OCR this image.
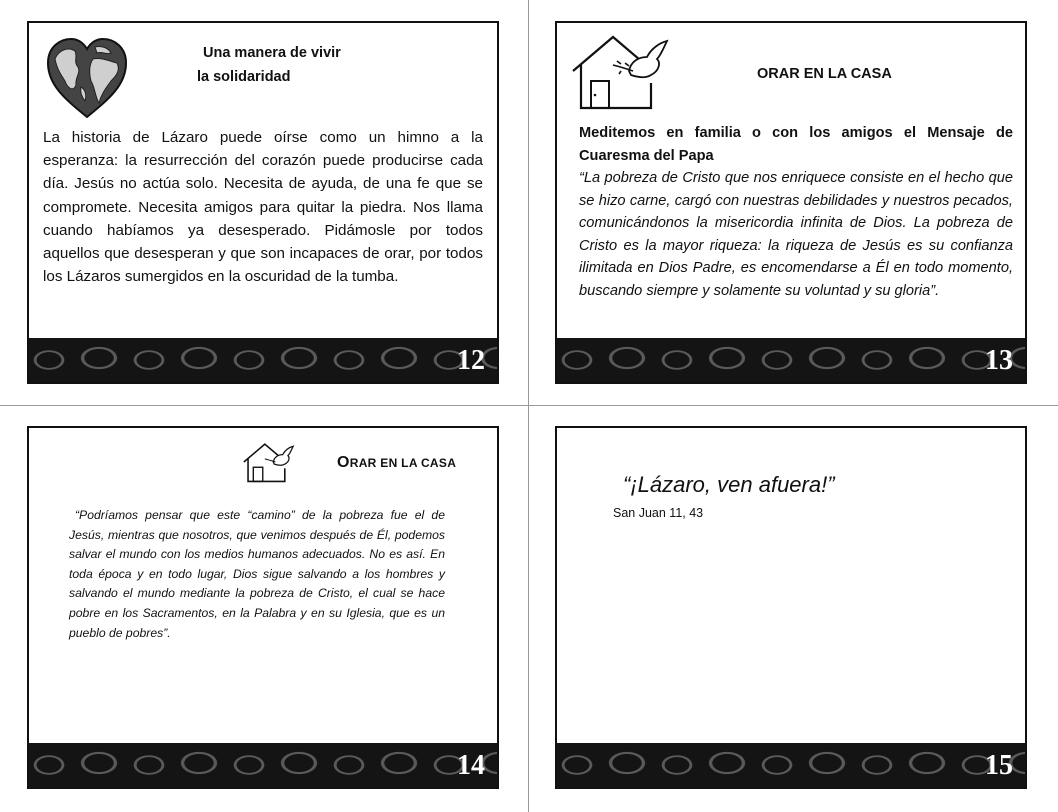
Una manera de vivir
la solidaridad
La historia de Lázaro puede oírse como un himno a la esperanza: la resurrección del corazón puede producirse cada día. Jesús no actúa solo. Necesita de ayuda, de una fe que se compromete. Necesita amigos para quitar la piedra. Nos llama cuando habíamos ya desesperado. Pidámosle por todos aquellos que desesperan y que son incapaces de orar, por todos los Lázaros sumergidos en la oscuridad de la tumba.
12
ORAR EN LA CASA
Meditemos en familia o con los amigos el Mensaje de Cuaresma del Papa
“La pobreza de Cristo que nos enriquece consiste en el hecho que se hizo carne, cargó con nuestras debilidades y nuestros pecados, comunicándonos la misericordia infinita de Dios. La pobreza de Cristo es la mayor riqueza: la riqueza de Jesús es su confianza ilimitada en Dios Padre, es encomendarse a Él en todo momento, buscando siempre y solamente su voluntad y su gloria”.
13
ORAR EN LA CASA
“Podríamos pensar que este “camino” de la pobreza fue el de Jesús, mientras que nosotros, que venimos después de Él, podemos salvar el mundo con los medios humanos adecuados. No es así. En toda época y en todo lugar, Dios sigue salvando a los hombres y salvando el mundo mediante la pobreza de Cristo, el cual se hace pobre en los Sacramentos, en la Palabra y en su Iglesia, que es un pueblo de pobres”.
14
“¡Lázaro, ven afuera!”
San Juan 11, 43
15
